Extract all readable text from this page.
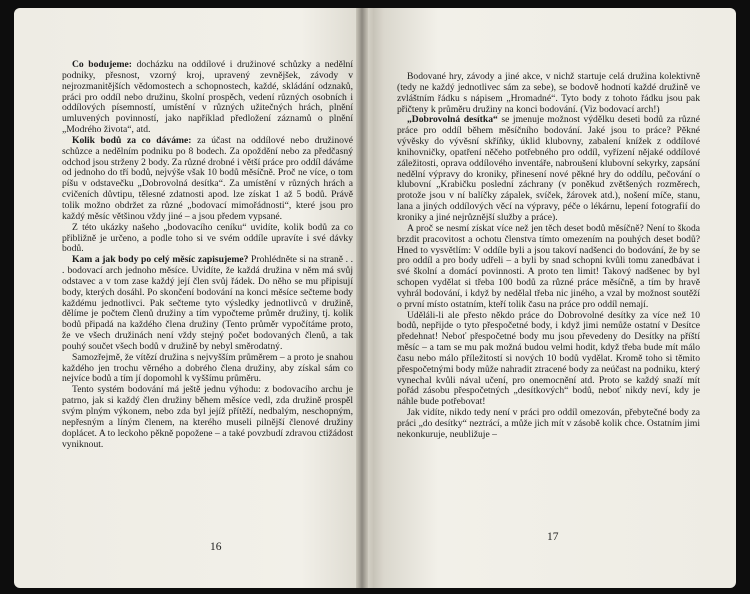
Co bodujeme: docházku na oddílové i družinové schůzky a nedělní podniky, přesnost, vzorný kroj, upravený zevnějšek, závody v nejrozmanitějších vědomostech a schopnostech, každé, skládání odznaků, práci pro oddíl nebo družinu, školní prospěch, vedení různých osobních i oddílových písemností, umístění v různých užitečných hrách, plnění umluvených povinností, jako například předložení záznamů o plnění „Modrého života“, atd.

Kolik bodů za co dáváme: za účast na oddílové nebo družinové schůzce a nedělním podniku po 8 bodech. Za opoždění nebo za předčasný odchod jsou strženy 2 body. Za různé drobné i větší práce pro oddíl dáváme od jednoho do tří bodů, nejvýše však 10 bodů měsíčně. Proč ne více, o tom píšu v odstavečku „Dobrovolná desítka“. Za umístění v různých hrách a cvičeních důvtipu, tělesné zdatnosti apod. lze získat 1 až 5 bodů. Právě tolik možno obdržet za různé „bodovací mimořádnosti“, které jsou pro každý měsíc většinou vždy jiné – a jsou předem vypsané.

Z této ukázky našeho „bodovacího ceníku“ uvidíte, kolik bodů za co přibližně je určeno, a podle toho si ve svém oddíle upravíte i své dávky bodů.

Kam a jak body po celý měsíc zapisujeme? Prohlédněte si na straně . . . bodovací arch jednoho měsíce. Uvidíte, že každá družina v něm má svůj odstavec a v tom zase každý její člen svůj řádek. Do něho se mu připisují body, kterých dosáhl. Po skončení bodování na konci měsíce sečteme body každému jednotlivci. Pak sečteme tyto výsledky jednotlivců v družině, dělíme je počtem členů družiny a tím vypočteme průměr družiny, tj. kolik bodů připadá na každého člena družiny (Tento průměr vypočítáme proto, že ve všech družinách není vždy stejný počet bodovaných členů, a tak pouhý součet všech bodů v družině by nebyl směrodatný.

Samozřejmě, že vítězí družina s nejvyšším průměrem – a proto je snahou každého jen trochu věrného a dobrého člena družiny, aby získal sám co nejvíce bodů a tím jí dopomohl k vyššímu průměru.

Tento systém bodování má ještě jednu výhodu: z bodovacího archu je patrno, jak si každý člen družiny během měsíce vedl, zda družině prospěl svým plným výkonem, nebo zda byl jejíž přítěží, nedbalým, neschopným, nepřesným a líným členem, na kterého museli pilnější členové družiny doplácet. A to leckoho pěkně popožene – a také povzbudí zdravou ctižádost vyniknout.

16

Bodované hry, závody a jiné akce, v nichž startuje celá družina kolektivně (tedy ne každý jednotlivec sám za sebe), se bodově hodnotí každé družině ve zvláštním řádku s nápisem „Hromadné“. Tyto body z tohoto řádku jsou pak přičteny k průměru družiny na konci bodování. (Viz bodovací arch!)

„Dobrovolná desítka“ se jmenuje možnost výdělku deseti bodů za různé práce pro oddíl během měsíčního bodování. Jaké jsou to práce? Pěkné vývěsky do vývěsní skříňky, úklid klubovny, zabalení knížek z oddílové knihovničky, opatření něčeho potřebného pro oddíl, vyřízení nějaké oddílové záležitosti, oprava oddílového inventáře, nabroušení klubovní sekyrky, zapsání nedělní výpravy do kroniky, přinesení nové pěkné hry do oddílu, pečování o klubovní „Krabičku poslední záchrany (v poněkud zvětšených rozměrech, protože jsou v ní balíčky zápalek, svíček, žárovek atd.), nošení míče, stanu, lana a jiných oddílových věcí na výpravy, péče o lékárnu, lepení fotografií do kroniky a jiné nejrůznější služby a práce).

A proč se nesmí získat více než jen těch deset bodů měsíčně? Není to škoda brzdit pracovitost a ochotu členstva tímto omezením na pouhých deset bodů? Hned to vysvětlím: V oddíle byli a jsou takoví nadšenci do bodování, že by se pro oddíl a pro body udřeli – a byli by snad schopni kvůli tomu zanedbávat i své školní a domácí povinnosti. A proto ten limit! Takový nadšenec by byl schopen vydělat si třeba 100 bodů za různé práce měsíčně, a tím by hravě vyhrál bodování, i když by nedělal třeba nic jiného, a vzal by možnost soutěží o první místo ostatním, kteří tolik času na práce pro oddíl nemají.

Uděláli-li ale přesto někdo práce do Dobrovolné desítky za více než 10 bodů, nepřijde o tyto přespočetné body, i když jimi nemůže ostatní v Desítce předehnat! Neboť přespočetné body mu jsou převedeny do Desítky na příští měsíc – a tam se mu pak možná budou velmi hodit, když třeba bude mít málo času nebo málo příležitostí si nových 10 bodů vydělat. Kromě toho si těmito přespočetnými body může nahradit ztracené body za neúčast na podniku, který vynechal kvůli nával učení, pro onemocnění atd. Proto se každý snaží mít pořád zásobu přespočetných „desítkových“ bodů, neboť nikdy neví, kdy je náhle bude potřebovat!

Jak vidíte, nikdo tedy není v práci pro oddíl omezován, přebytečné body za práci „do desítky“ neztrácí, a může jich mít v zásobě kolik chce. Ostatním jimi nekonkuruje, neubližuje –

17
